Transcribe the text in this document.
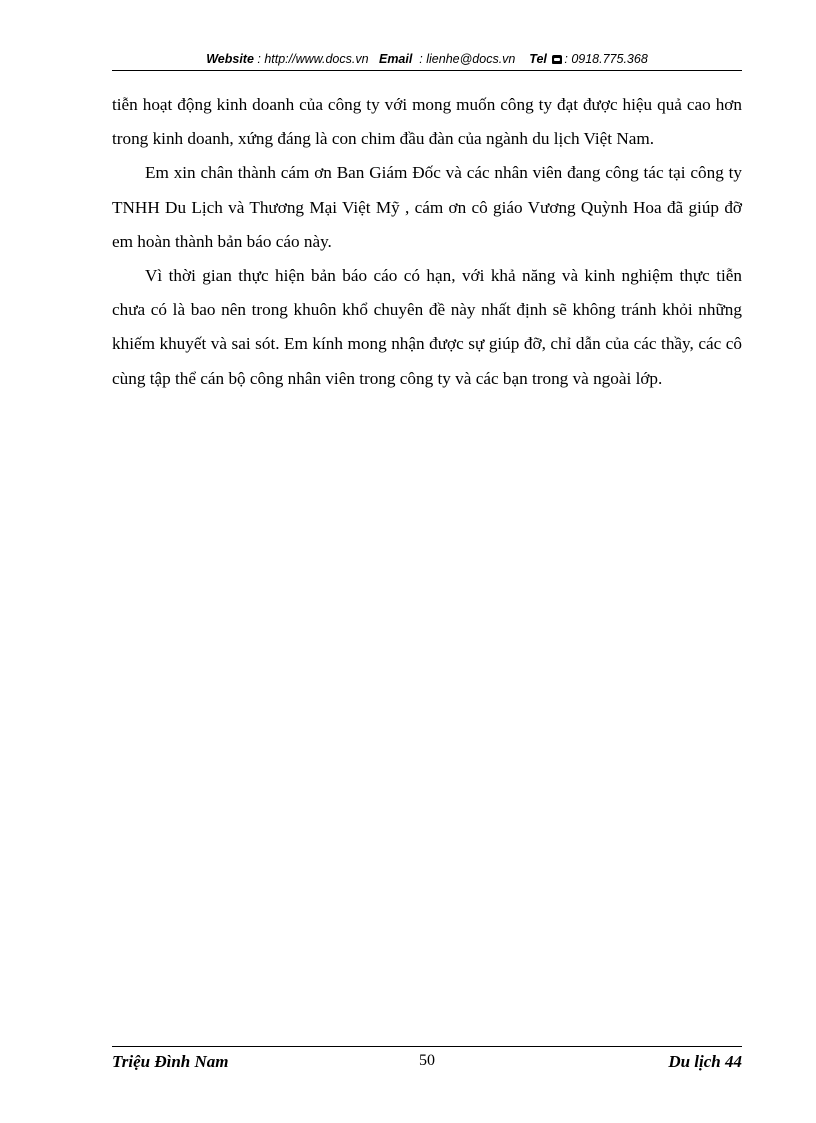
Website : http://www.docs.vn Email : lienhe@docs.vn Tel : 0918.775.368

tiễn hoạt động kinh doanh của công ty với mong muốn công ty đạt được hiệu quả cao hơn trong kinh doanh, xứng đáng là con chim đầu đàn của ngành du lịch Việt Nam.

Em xin chân thành cám ơn Ban Giám Đốc và các nhân viên đang công tác tại công ty TNHH Du Lịch và Thương Mại Việt Mỹ , cám ơn cô giáo Vương Quỳnh Hoa đã giúp đỡ em hoàn thành bản báo cáo này.

Vì thời gian thực hiện bản báo cáo có hạn, với khả năng và kinh nghiệm thực tiễn chưa có là bao nên trong khuôn khổ chuyên đề này nhất định sẽ không tránh khỏi những khiếm khuyết và sai sót. Em kính mong nhận được sự giúp đỡ, chỉ dẫn của các thầy, các cô cùng tập thể cán bộ công nhân viên trong công ty và các bạn trong và ngoài lớp.

Triệu Đình Nam	50	Du lịch 44
